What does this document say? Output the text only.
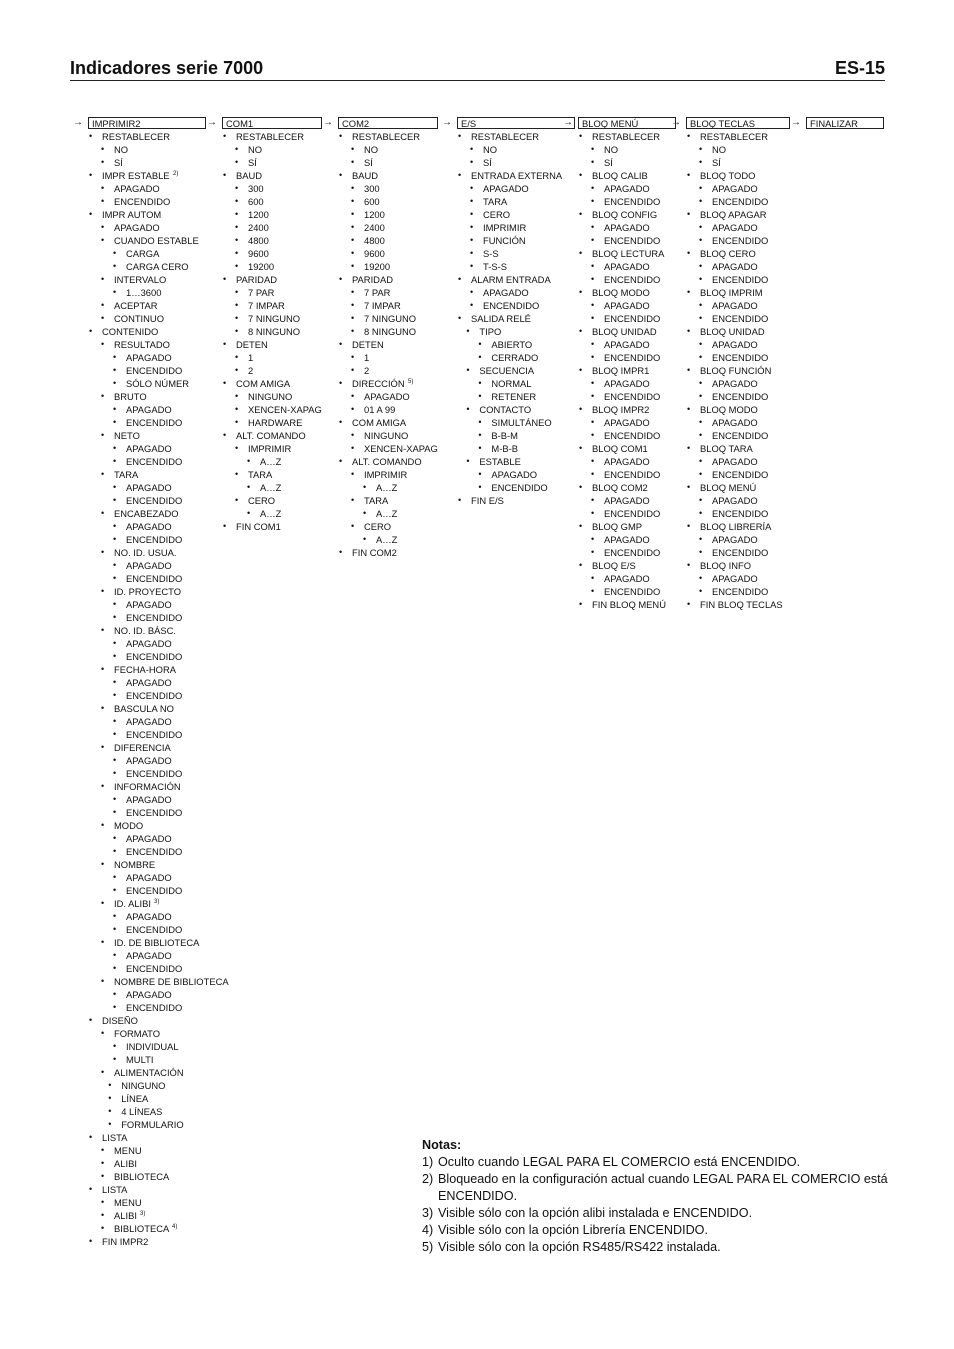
Indicadores serie 7000	ES-15
→ IMPRIMIR2
• RESTABLECER
• NO
• SÍ
• IMPR ESTABLE 2)
• APAGADO
• ENCENDIDO
• IMPR AUTOM
• APAGADO
• CUANDO ESTABLE
• CARGA
• CARGA CERO
• INTERVALO
• 1…3600
• ACEPTAR
• CONTINUO
• CONTENIDO
• RESULTADO
• APAGADO
• ENCENDIDO
• SÓLO NÚMER
• BRUTO
• APAGADO
• ENCENDIDO
• NETO
• APAGADO
• ENCENDIDO
• TARA
• APAGADO
• ENCENDIDO
• ENCABEZADO
• APAGADO
• ENCENDIDO
• NO. ID. USUA.
• APAGADO
• ENCENDIDO
• ID. PROYECTO
• APAGADO
• ENCENDIDO
• NO. ID. BÁSC.
• APAGADO
• ENCENDIDO
• FECHA-HORA
• APAGADO
• ENCENDIDO
• BASCULA NO
• APAGADO
• ENCENDIDO
• DIFERENCIA
• APAGADO
• ENCENDIDO
• INFORMACIÓN
• APAGADO
• ENCENDIDO
• MODO
• APAGADO
• ENCENDIDO
• NOMBRE
• APAGADO
• ENCENDIDO
• ID. ALIBI 3)
• APAGADO
• ENCENDIDO
• ID. DE BIBLIOTECA
• APAGADO
• ENCENDIDO
• NOMBRE DE BIBLIOTECA
• APAGADO
• ENCENDIDO
• DISEÑO
• FORMATO
• INDIVIDUAL
• MULTI
• ALIMENTACIÓN
• NINGUNO
• LÍNEA
• 4 LÍNEAS
• FORMULARIO
• LISTA
• MENU
• ALIBI
• BIBLIOTECA
• LISTA
• MENU
• ALIBI 3)
• BIBLIOTECA 4)
• FIN IMPR2
→ COM1
• RESTABLECER
• NO
• SÍ
• BAUD
• 300
• 600
• 1200
• 2400
• 4800
• 9600
• 19200
• PARIDAD
• 7 PAR
• 7 IMPAR
• 7 NINGUNO
• 8 NINGUNO
• DETEN
• 1
• 2
• COM AMIGA
• NINGUNO
• XENCEN-XAPAG
• HARDWARE
• ALT. COMANDO
• IMPRIMIR
• A…Z
• TARA
• A…Z
• CERO
• A…Z
• FIN COM1
→ COM2
• RESTABLECER
• NO
• SÍ
• BAUD
• 300
• 600
• 1200
• 2400
• 4800
• 9600
• 19200
• PARIDAD
• 7 PAR
• 7 IMPAR
• 7 NINGUNO
• 8 NINGUNO
• DETEN
• 1
• 2
• DIRECCIÓN 5)
• APAGADO
• 01 A 99
• COM AMIGA
• NINGUNO
• XENCEN-XAPAG
• ALT. COMANDO
• IMPRIMIR
• A…Z
• TARA
• A…Z
• CERO
• A…Z
• FIN COM2
→ E/S
• RESTABLECER
• NO
• SÍ
• ENTRADA EXTERNA
• APAGADO
• TARA
• CERO
• IMPRIMIR
• FUNCIÓN
• S-S
• T-S-S
• ALARM ENTRADA
• APAGADO
• ENCENDIDO
• SALIDA RELÉ
• TIPO
• ABIERTO
• CERRADO
• SECUENCIA
• NORMAL
• RETENER
• CONTACTO
• SIMULTÁNEO
• B-B-M
• M-B-B
• ESTABLE
• APAGADO
• ENCENDIDO
• FIN E/S
→ BLOQ MENÚ
• RESTABLECER
• NO
• SÍ
• BLOQ CALIB
• APAGADO
• ENCENDIDO
• BLOQ CONFIG
• APAGADO
• ENCENDIDO
• BLOQ LECTURA
• APAGADO
• ENCENDIDO
• BLOQ MODO
• APAGADO
• ENCENDIDO
• BLOQ UNIDAD
• APAGADO
• ENCENDIDO
• BLOQ IMPR1
• APAGADO
• ENCENDIDO
• BLOQ IMPR2
• APAGADO
• ENCENDIDO
• BLOQ COM1
• APAGADO
• ENCENDIDO
• BLOQ COM2
• APAGADO
• ENCENDIDO
• BLOQ GMP
• APAGADO
• ENCENDIDO
• BLOQ E/S
• APAGADO
• ENCENDIDO
• FIN BLOQ MENÚ
→ BLOQ TECLAS
• RESTABLECER
• NO
• SÍ
• BLOQ TODO
• APAGADO
• ENCENDIDO
• BLOQ APAGAR
• APAGADO
• ENCENDIDO
• BLOQ CERO
• APAGADO
• ENCENDIDO
• BLOQ IMPRIM
• APAGADO
• ENCENDIDO
• BLOQ UNIDAD
• APAGADO
• ENCENDIDO
• BLOQ FUNCIÓN
• APAGADO
• ENCENDIDO
• BLOQ MODO
• APAGADO
• ENCENDIDO
• BLOQ TARA
• APAGADO
• ENCENDIDO
• BLOQ MENÚ
• APAGADO
• ENCENDIDO
• BLOQ LIBRERÍA
• APAGADO
• ENCENDIDO
• BLOQ INFO
• APAGADO
• ENCENDIDO
• FIN BLOQ TECLAS
→ FINALIZAR
Notas:
1) Oculto cuando LEGAL PARA EL COMERCIO está ENCENDIDO.
2) Bloqueado en la configuración actual cuando LEGAL PARA EL COMERCIO está ENCENDIDO.
3) Visible sólo con la opción alibi instalada e ENCENDIDO.
4) Visible sólo con la opción Librería ENCENDIDO.
5) Visible sólo con la opción RS485/RS422 instalada.
